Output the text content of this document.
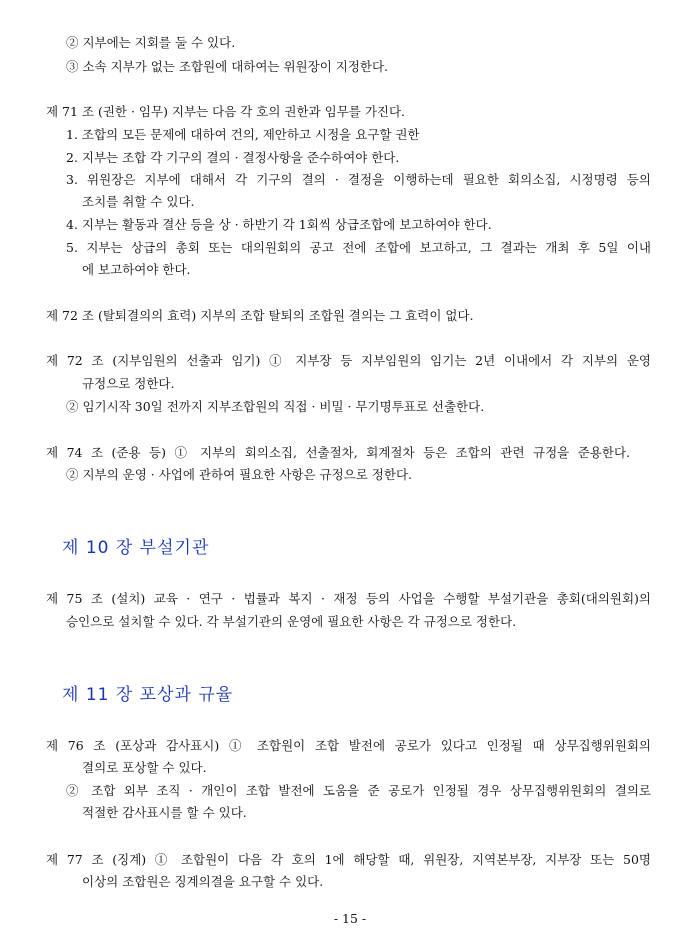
② 지부에는 지회를 둘 수 있다.
③ 소속 지부가 없는 조합원에 대하여는 위원장이 지정한다.
제 71 조 (권한 · 임무) 지부는 다음 각 호의 권한과 임무를 가진다.
1. 조합의 모든 문제에 대하여 건의, 제안하고 시정을 요구할 권한
2. 지부는 조합 각 기구의 결의 · 결정사항을 준수하여야 한다.
3. 위원장은 지부에 대해서 각 기구의 결의 · 결정을 이행하는데 필요한 회의소집, 시정명령 등의
조치를 취할 수 있다.
4. 지부는 활동과 결산 등을 상 · 하반기 각 1회씩 상급조합에 보고하여야 한다.
5. 지부는 상급의 총회 또는 대의원회의 공고 전에 조합에 보고하고, 그 결과는 개최 후 5일 이내
에 보고하여야 한다.
제 72 조 (탈퇴결의의 효력) 지부의 조합 탈퇴의 조합원 결의는 그 효력이 없다.
제 72 조 (지부임원의 선출과 임기) ① 지부장 등 지부임원의 임기는 2년 이내에서 각 지부의 운영
규정으로 정한다.
② 임기시작 30일 전까지 지부조합원의 직접 · 비밀 · 무기명투표로 선출한다.
제 74 조 (준용 등) ① 지부의 회의소집, 선출절차, 회계절차 등은 조합의 관련 규정을 준용한다.
② 지부의 운영 · 사업에 관하여 필요한 사항은 규정으로 정한다.
제 10 장 부설기관
제 75 조 (설치) 교육 · 연구 · 법률과 복지 · 재정 등의 사업을 수행할 부설기관을 총회(대의원회)의
승인으로 설치할 수 있다. 각 부설기관의 운영에 필요한 사항은 각 규정으로 정한다.
제 11 장 포상과 규율
제 76 조 (포상과 감사표시) ① 조합원이 조합 발전에 공로가 있다고 인정될 때 상무집행위원회의
결의로 포상할 수 있다.
② 조합 외부 조직 · 개인이 조합 발전에 도움을 준 공로가 인정될 경우 상무집행위원회의 결의로
적절한 감사표시를 할 수 있다.
제 77 조 (징계) ① 조합원이 다음 각 호의 1에 해당할 때, 위원장, 지역본부장, 지부장 또는 50명
이상의 조합원은 징계의결을 요구할 수 있다.
- 15 -
